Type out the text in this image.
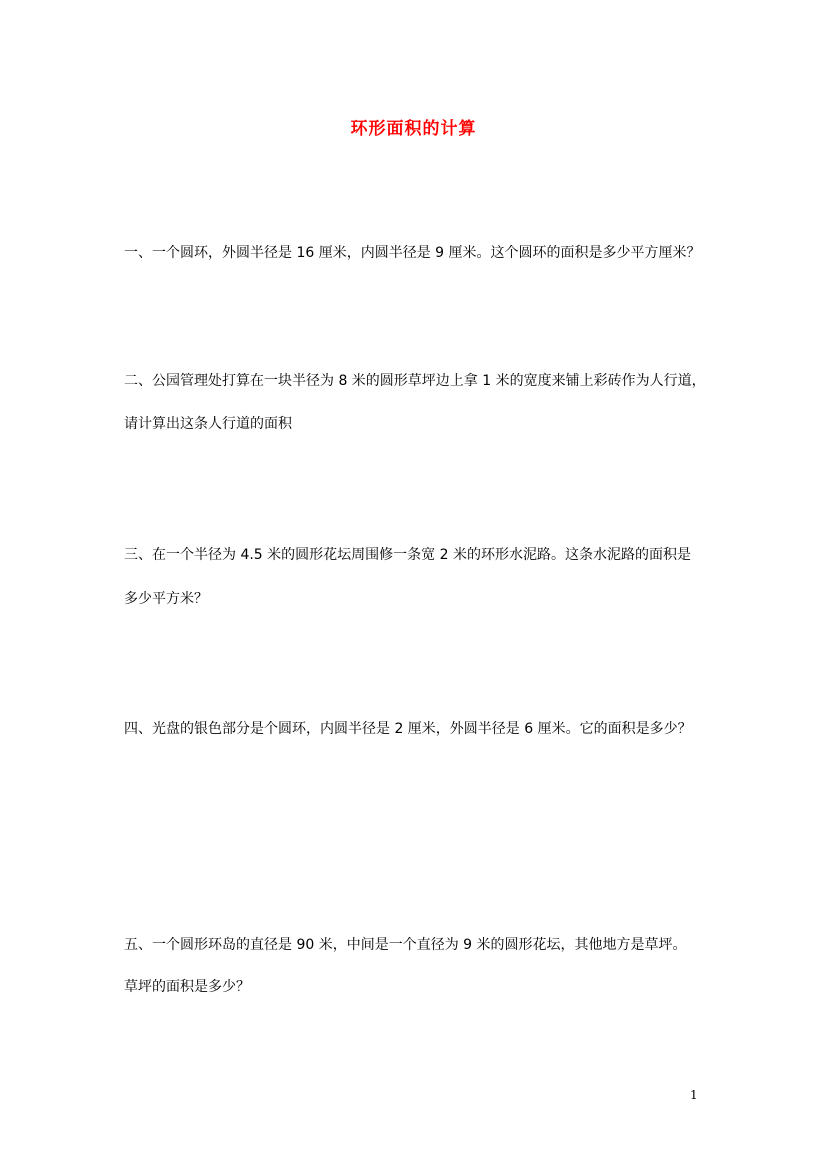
环形面积的计算
一、一个圆环，外圆半径是 16 厘米，内圆半径是 9 厘米。这个圆环的面积是多少平方厘米？
二、公园管理处打算在一块半径为 8 米的圆形草坪边上拿 1 米的宽度来铺上彩砖作为人行道，
请计算出这条人行道的面积
三、在一个半径为 4.5 米的圆形花坛周围修一条宽 2 米的环形水泥路。这条水泥路的面积是
多少平方米？
四、光盘的银色部分是个圆环，内圆半径是 2 厘米，外圆半径是 6 厘米。它的面积是多少？
五、一个圆形环岛的直径是 90 米，中间是一个直径为 9 米的圆形花坛，其他地方是草坪。
草坪的面积是多少？
1
